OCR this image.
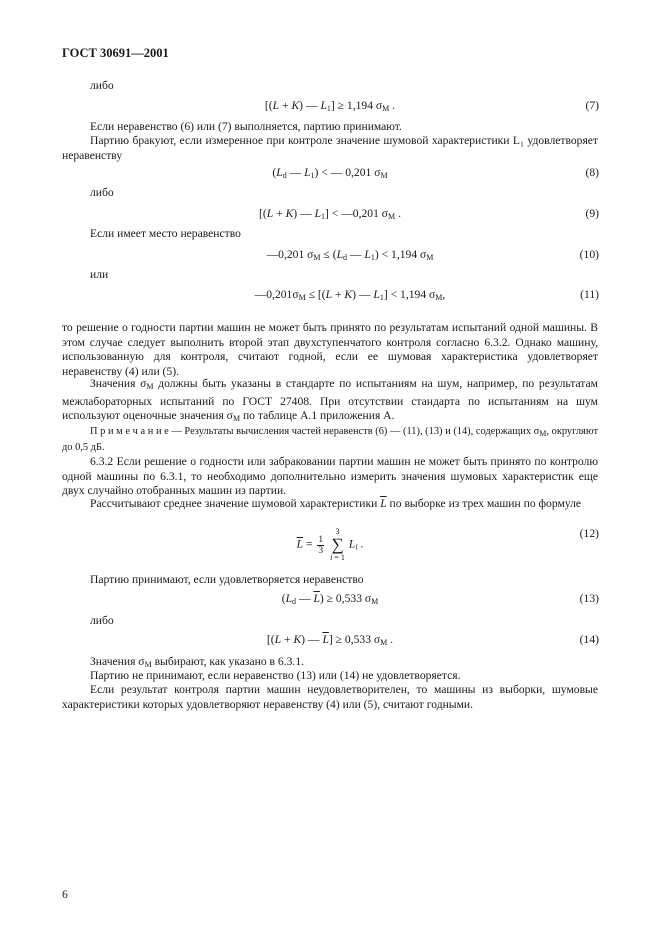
ГОСТ 30691—2001
либо
[(L + K) — $L_1] \ge 1,194$ $\sigma_M$ .	(7)
Если неравенство (6) или (7) выполняется, партию принимают.
Партию бракуют, если измеренное при контроле значение шумовой характеристики L₁ удовлетворяет неравенству
($L_d$ — $L_1$) < — 0,201 $\sigma_M$	(8)
либо
[(L + K) — $L_1$] < —0,201 $\sigma_M$ .	(9)
Если имеет место неравенство
—0,201 $\sigma_M \le (L_d$ — $L_1) < 1,194$ $\sigma_M$	(10)
или
$—0,201\sigma_M \le [(L + K)$ — $L_1] < 1,194$ $\sigma_M$,	(11)
то решение о годности партии машин не может быть принято по результатам испытаний одной машины. В этом случае следует выполнить второй этап двухступенчатого контроля согласно 6.3.2. Однако машину, использованную для контроля, считают годной, если ее шумовая характеристика удовлетворяет неравенству (4) или (5).
Значения $\sigma_M$ должны быть указаны в стандарте по испытаниям на шум, например, по результатам межлабораторных испытаний по ГОСТ 27408. При отсутствии стандарта по испытаниям на шум используют оценочные значения $\sigma_M$ по таблице А.1 приложения А.
П р и м е ч а н и е — Результаты вычисления частей неравенств (6) — (11), (13) и (14), содержащих $\sigma_M$, округляют до 0,5 дБ.
6.3.2 Если решение о годности или забраковании партии машин не может быть принято по контролю одной машины по 6.3.1, то необходимо дополнительно измерить значения шумовых характеристик еще двух случайно отобранных машин из партии.
Рассчитывают среднее значение шумовой характеристики $\overline{L}$ по выборке из трех машин по формуле
$\overline{L} = \frac{1}{3}$
3
∑
i = 1
$L_i$ .
(12)
Партию принимают, если удовлетворяется неравенство
($L_d$ — $\overline{L}) \ge 0,533$ $\sigma_M$	(13)
либо
[(L + K) — $\overline{L}] \ge 0,533$ $\sigma_M$ .	(14)
Значения $\sigma_M$ выбирают, как указано в 6.3.1.
Партию не принимают, если неравенство (13) или (14) не удовлетворяется.
Если результат контроля партии машин неудовлетворителен, то машины из выборки, шумовые характеристики которых удовлетворяют неравенству (4) или (5), считают годными.
6
